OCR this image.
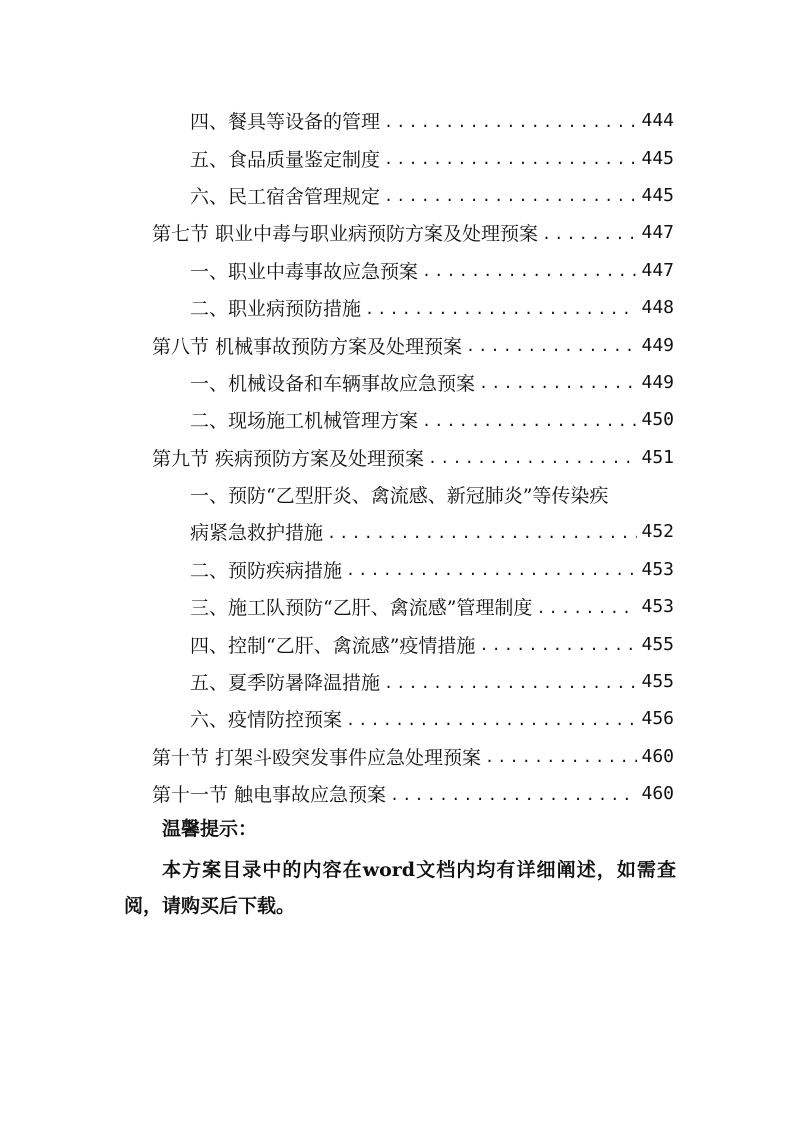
四、餐具等设备的管理 .....	444
五、食品质量鉴定制度 .....	445
六、民工宿舍管理规定 .....	445
第七节 职业中毒与职业病预防方案及处理预案 .....	447
一、职业中毒事故应急预案 .....	447
二、职业病预防措施 .....	448
第八节 机械事故预防方案及处理预案 .....	449
一、机械设备和车辆事故应急预案 .....	449
二、现场施工机械管理方案 .....	450
第九节 疾病预防方案及处理预案 .....	451
一、预防“乙型肝炎、禽流感、新冠肺炎”等传染疾
病紧急救护措施 .....	452
二、预防疾病措施 .....	453
三、施工队预防“乙肝、禽流感”管理制度 .....	453
四、控制“乙肝、禽流感”疫情措施 .....	455
五、夏季防暑降温措施 .....	455
六、疫情防控预案 .....	456
第十节 打架斗殴突发事件应急处理预案 .....	460
第十一节 触电事故应急预案 .....	460
温馨提示：
本方案目录中的内容在word文档内均有详细阐述，如需查阅，请购买后下载。
